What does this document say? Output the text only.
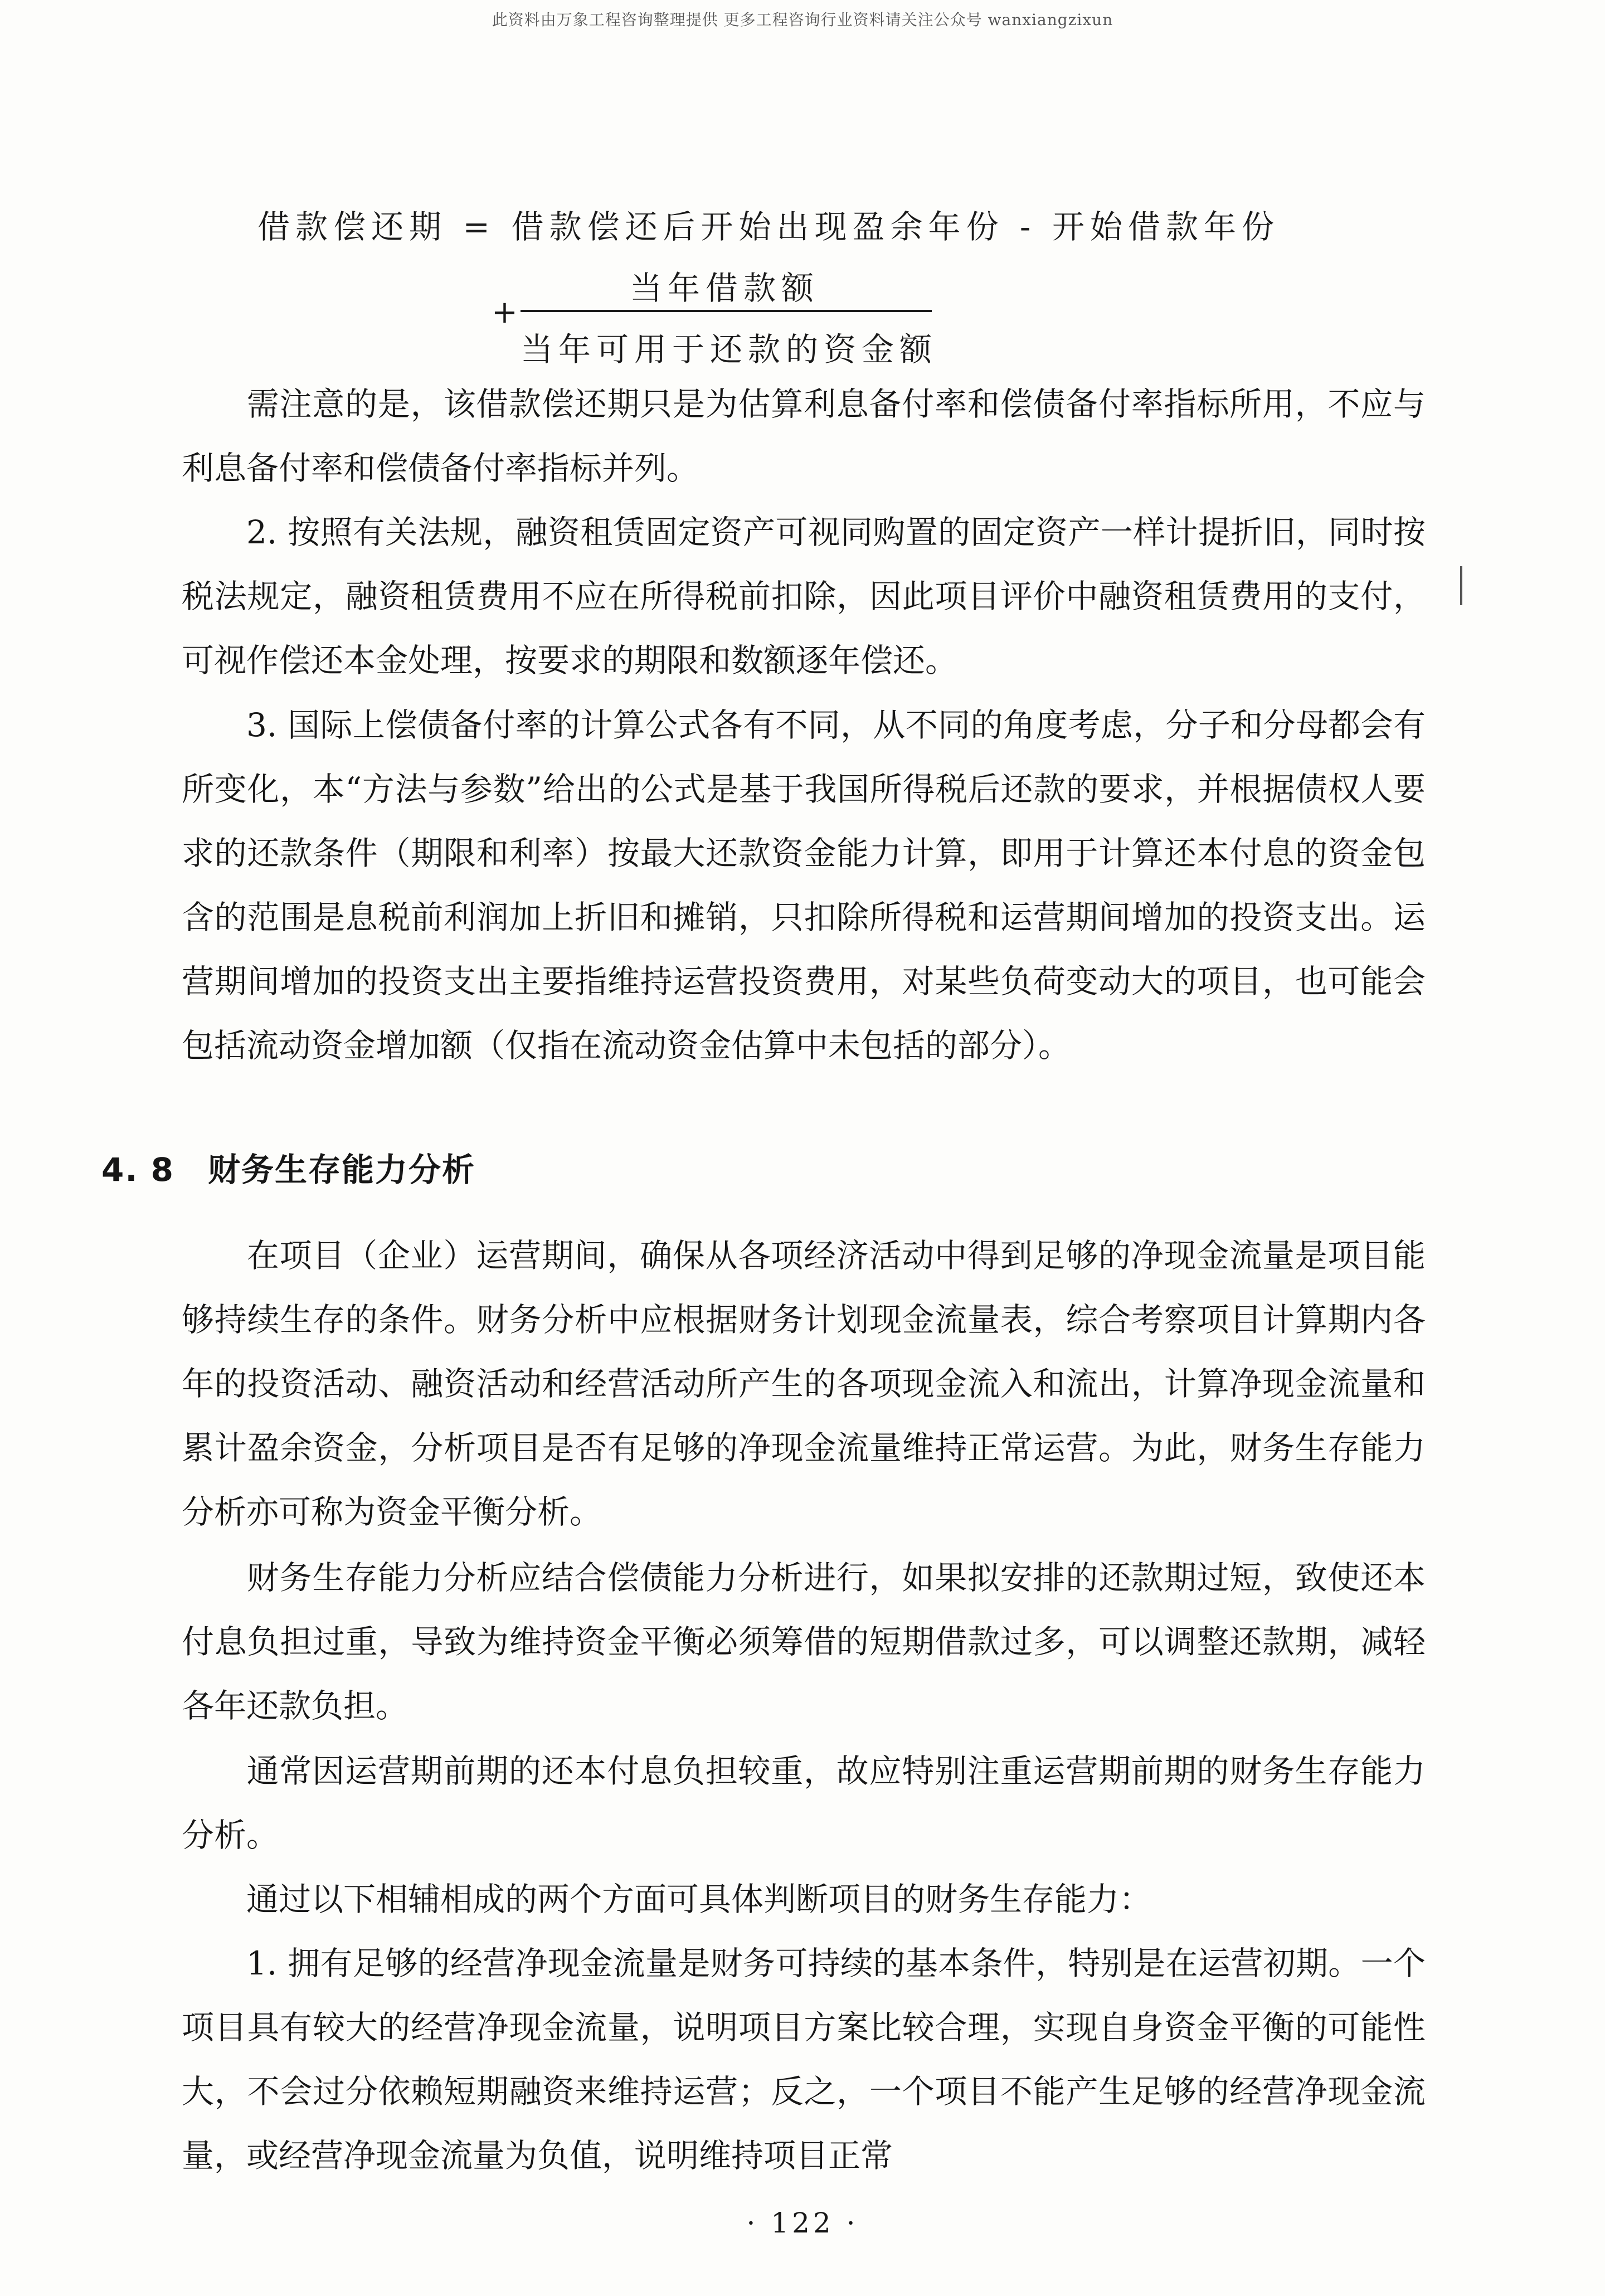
此资料由万象工程咨询整理提供 更多工程咨询行业资料请关注公众号 wanxiangzixun
借款偿还期 = 借款偿还后开始出现盈余年份 - 开始借款年份
当年借款额
+
当年可用于还款的资金额

需注意的是，该借款偿还期只是为估算利息备付率和偿债备付率指标所用，不应与利息备付率和偿债备付率指标并列。

2. 按照有关法规，融资租赁固定资产可视同购置的固定资产一样计提折旧，同时按税法规定，融资租赁费用不应在所得税前扣除，因此项目评价中融资租赁费用的支付，可视作偿还本金处理，按要求的期限和数额逐年偿还。

3. 国际上偿债备付率的计算公式各有不同，从不同的角度考虑，分子和分母都会有所变化，本“方法与参数”给出的公式是基于我国所得税后还款的要求，并根据债权人要求的还款条件（期限和利率）按最大还款资金能力计算，即用于计算还本付息的资金包含的范围是息税前利润加上折旧和摊销，只扣除所得税和运营期间增加的投资支出。运营期间增加的投资支出主要指维持运营投资费用，对某些负荷变动大的项目，也可能会包括流动资金增加额（仅指在流动资金估算中未包括的部分）。

4. 8 财务生存能力分析

在项目（企业）运营期间，确保从各项经济活动中得到足够的净现金流量是项目能够持续生存的条件。财务分析中应根据财务计划现金流量表，综合考察项目计算期内各年的投资活动、融资活动和经营活动所产生的各项现金流入和流出，计算净现金流量和累计盈余资金，分析项目是否有足够的净现金流量维持正常运营。为此，财务生存能力分析亦可称为资金平衡分析。

财务生存能力分析应结合偿债能力分析进行，如果拟安排的还款期过短，致使还本付息负担过重，导致为维持资金平衡必须筹借的短期借款过多，可以调整还款期，减轻各年还款负担。

通常因运营期前期的还本付息负担较重，故应特别注重运营期前期的财务生存能力分析。

通过以下相辅相成的两个方面可具体判断项目的财务生存能力：

1. 拥有足够的经营净现金流量是财务可持续的基本条件，特别是在运营初期。一个项目具有较大的经营净现金流量，说明项目方案比较合理，实现自身资金平衡的可能性大，不会过分依赖短期融资来维持运营；反之，一个项目不能产生足够的经营净现金流量，或经营净现金流量为负值，说明维持项目正常

· 122 ·
